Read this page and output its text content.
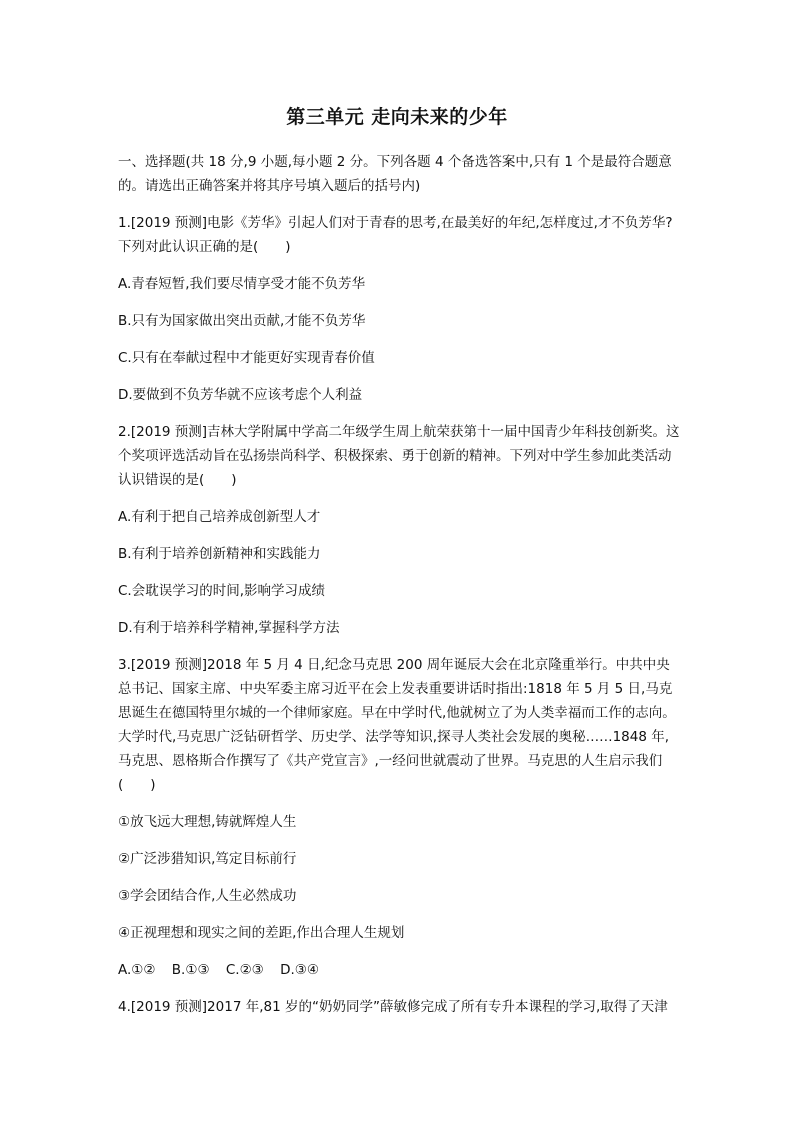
第三单元 走向未来的少年

一、选择题(共 18 分,9 小题,每小题 2 分。下列各题 4 个备选答案中,只有 1 个是最符合题意的。请选出正确答案并将其序号填入题后的括号内)

1.[2019 预测]电影《芳华》引起人们对于青春的思考,在最美好的年纪,怎样度过,才不负芳华?下列对此认识正确的是(　　)

A.青春短暂,我们要尽情享受才能不负芳华

B.只有为国家做出突出贡献,才能不负芳华

C.只有在奉献过程中才能更好实现青春价值

D.要做到不负芳华就不应该考虑个人利益

2.[2019 预测]吉林大学附属中学高二年级学生周上航荣获第十一届中国青少年科技创新奖。这个奖项评选活动旨在弘扬崇尚科学、积极探索、勇于创新的精神。下列对中学生参加此类活动认识错误的是(　　)

A.有利于把自己培养成创新型人才

B.有利于培养创新精神和实践能力

C.会耽误学习的时间,影响学习成绩

D.有利于培养科学精神,掌握科学方法

3.[2019 预测]2018 年 5 月 4 日,纪念马克思 200 周年诞辰大会在北京隆重举行。中共中央总书记、国家主席、中央军委主席习近平在会上发表重要讲话时指出:1818 年 5 月 5 日,马克思诞生在德国特里尔城的一个律师家庭。早在中学时代,他就树立了为人类幸福而工作的志向。大学时代,马克思广泛钻研哲学、历史学、法学等知识,探寻人类社会发展的奥秘……1848 年,马克思、恩格斯合作撰写了《共产党宣言》,一经问世就震动了世界。马克思的人生启示我们(　　)

①放飞远大理想,铸就辉煌人生

②广泛涉猎知识,笃定目标前行

③学会团结合作,人生必然成功

④正视理想和现实之间的差距,作出合理人生规划

A.①② B.①③ C.②③ D.③④

4.[2019 预测]2017 年,81 岁的“奶奶同学”薛敏修完成了所有专升本课程的学习,取得了天津
